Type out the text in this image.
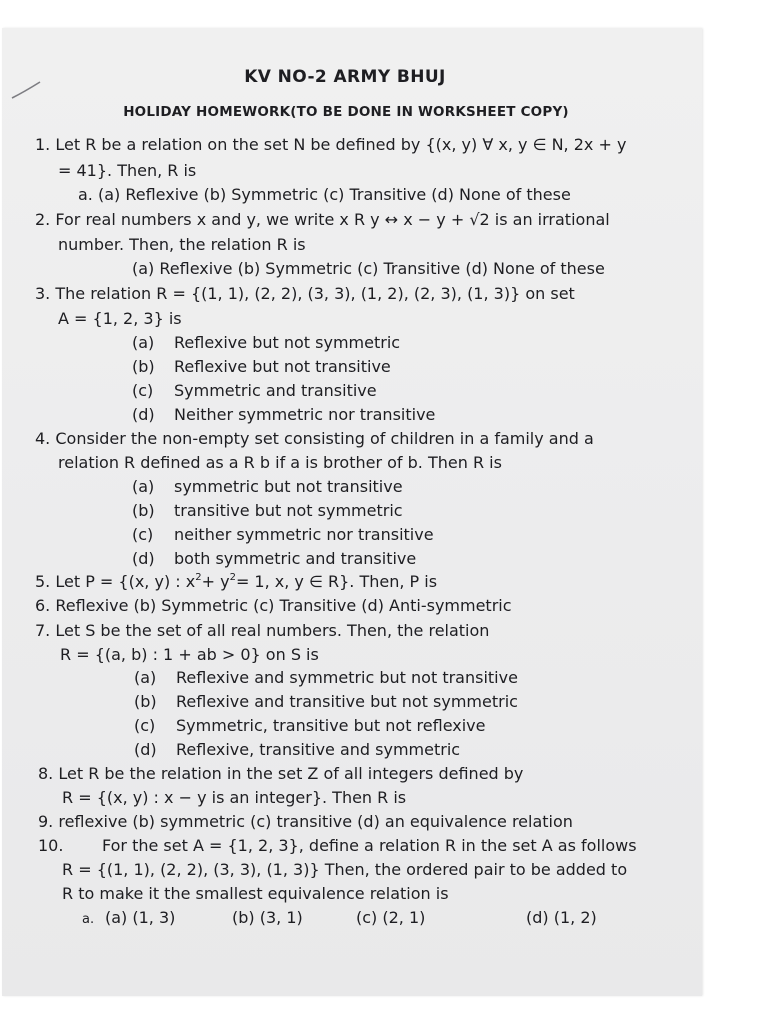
KV NO-2 ARMY BHUJ
HOLIDAY HOMEWORK(TO BE DONE IN WORKSHEET COPY)
1. Let R be a relation on the set N be defined by {(x, y) ∀ x, y ∈ N, 2x + y
= 41}. Then, R is
a. (a) Reflexive (b) Symmetric (c) Transitive (d) None of these
2. For real numbers x and y, we write x R y ↔ x − y + √2 is an irrational
number. Then, the relation R is
(a) Reflexive (b) Symmetric (c) Transitive (d) None of these
3. The relation R = {(1, 1), (2, 2), (3, 3), (1, 2), (2, 3), (1, 3)} on set
A = {1, 2, 3} is
(a) Reflexive but not symmetric
(b) Reflexive but not transitive
(c) Symmetric and transitive
(d) Neither symmetric nor transitive
4. Consider the non-empty set consisting of children in a family and a
relation R defined as a R b if a is brother of b. Then R is
(a) symmetric but not transitive
(b) transitive but not symmetric
(c) neither symmetric nor transitive
(d) both symmetric and transitive
5. Let P = {(x, y) : $x^2+ y^2= 1$, x, y ∈ R}. Then, P is
6. Reflexive (b) Symmetric (c) Transitive (d) Anti-symmetric
7. Let S be the set of all real numbers. Then, the relation
R = {(a, b) : 1 + ab > 0} on S is
(a) Reflexive and symmetric but not transitive
(b) Reflexive and transitive but not symmetric
(c) Symmetric, transitive but not reflexive
(d) Reflexive, transitive and symmetric
8. Let R be the relation in the set Z of all integers defined by
R = {(x, y) : x − y is an integer}. Then R is
9. reflexive (b) symmetric (c) transitive (d) an equivalence relation
10. For the set A = {1, 2, 3}, define a relation R in the set A as follows
R = {(1, 1), (2, 2), (3, 3), (1, 3)} Then, the ordered pair to be added to
R to make it the smallest equivalence relation is
a. (a) (1, 3)	(b) (3, 1)	(c) (2, 1)	(d) (1, 2)
